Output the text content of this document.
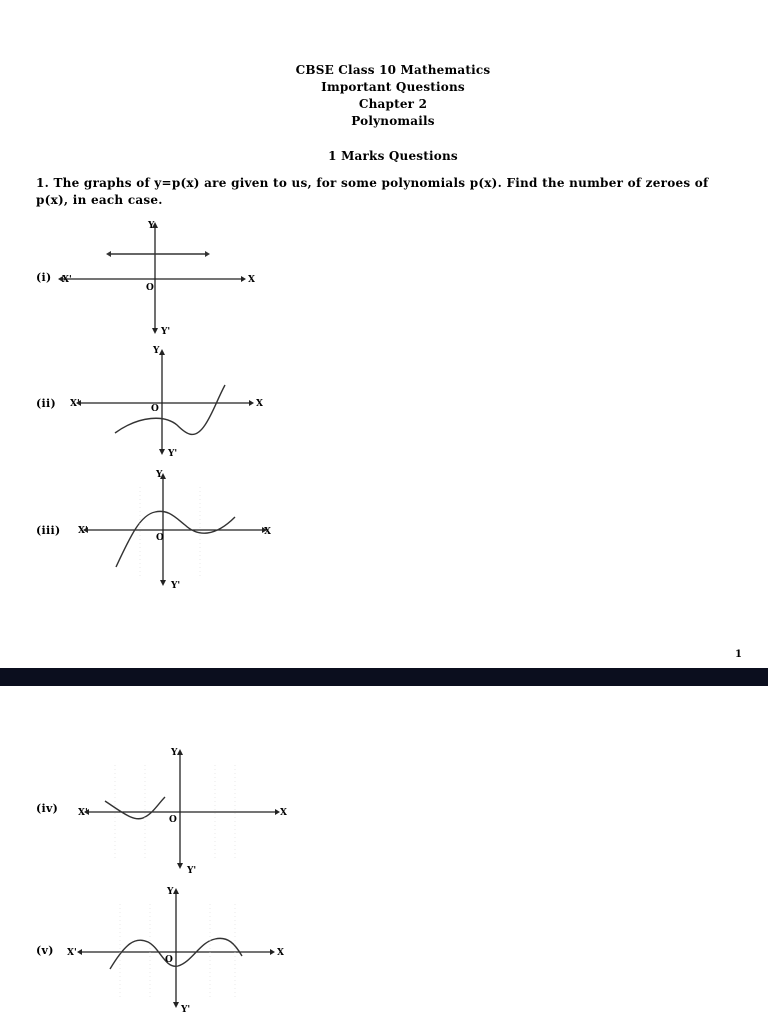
CBSE Class 10 Mathematics
Important Questions
Chapter 2
Polynomails
1 Marks Questions
1. The graphs of y=p(x) are given to us, for some polynomials p(x). Find the number of zeroes of p(x), in each case.
(i) X'	X
Y
Y'
O
(ii) X'	X
Y
Y'
O
(iii) X'	X
Y
Y'
O
1
(iv) X'	X
Y
Y'
O
(v) X'	X
Y
Y'
O
